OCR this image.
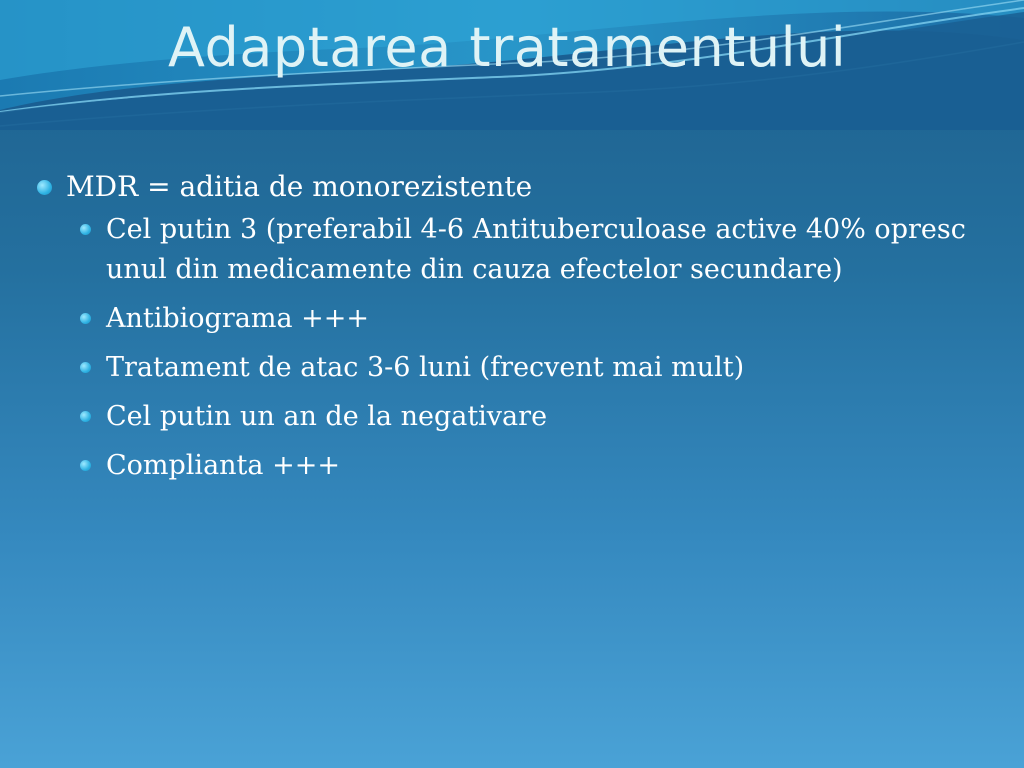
Adaptarea tratamentului
MDR = aditia de monorezistente
Cel putin 3 (preferabil 4-6 Antituberculoase active 40% opresc unul din medicamente din cauza efectelor secundare)
Antibiograma +++
Tratament de atac 3-6 luni (frecvent mai mult)
Cel putin un an de la negativare
Complianta +++
